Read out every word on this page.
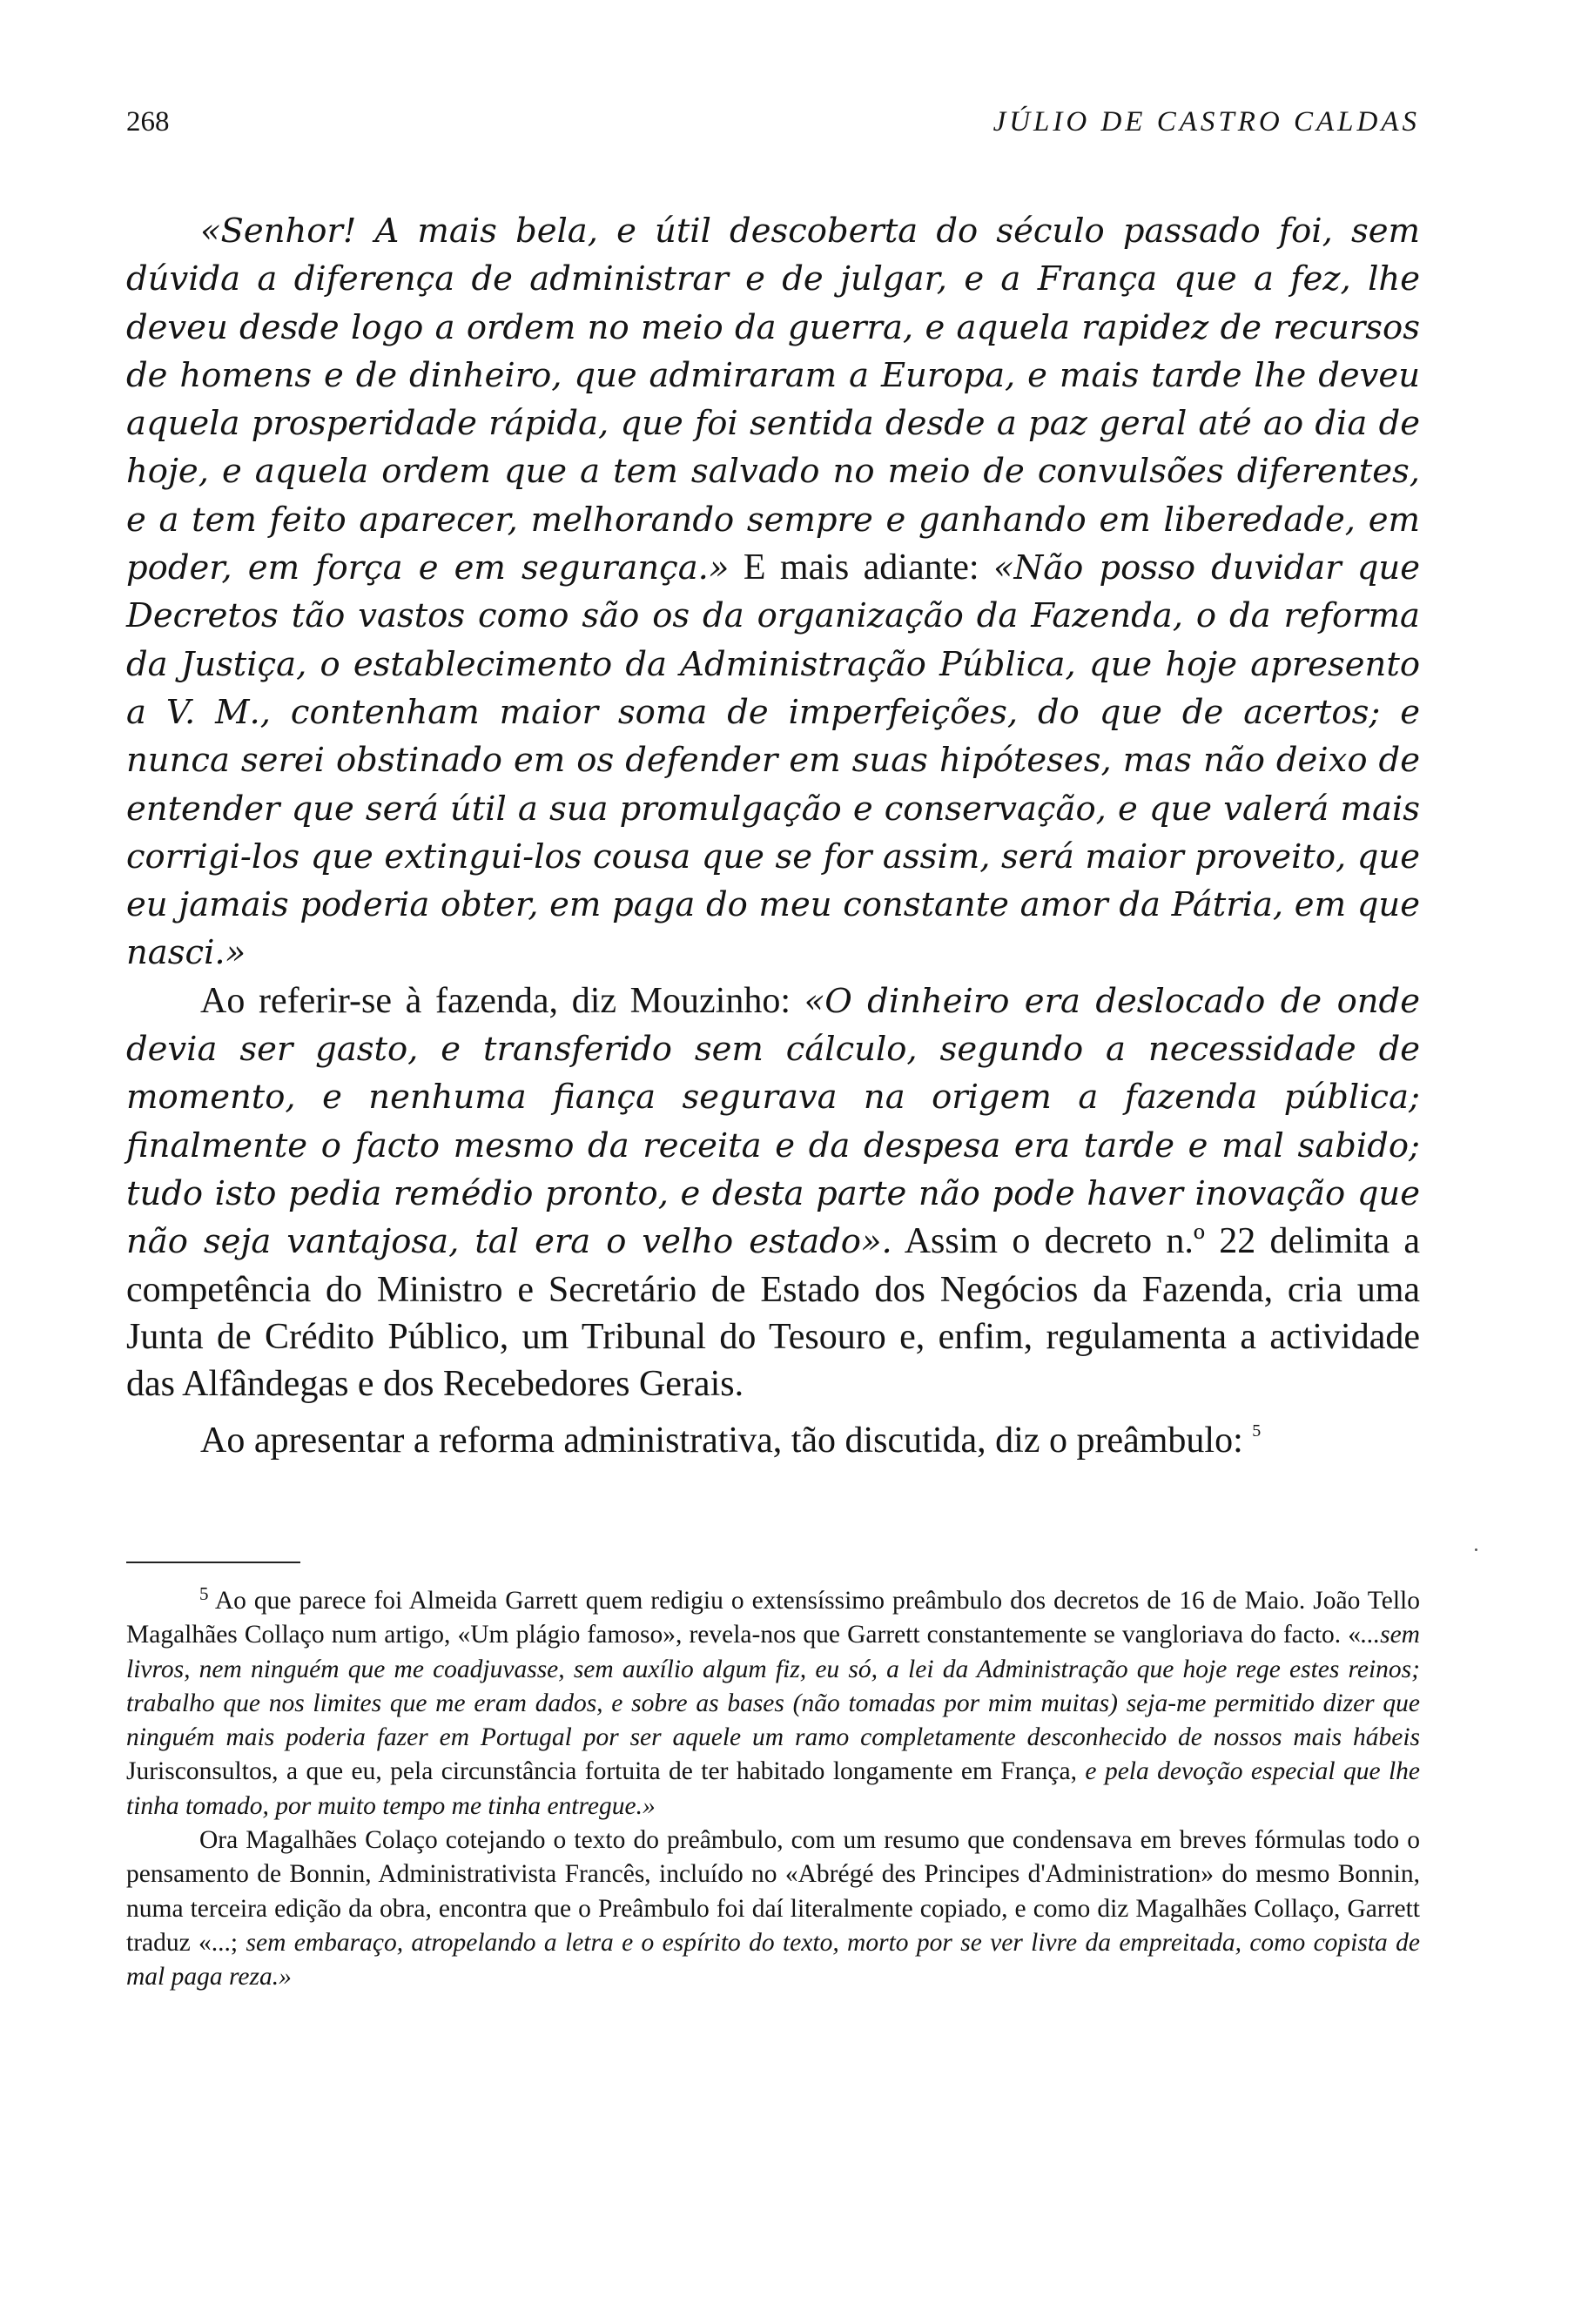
268	JÚLIO DE CASTRO CALDAS

«Senhor! A mais bela, e útil descoberta do século passado foi, sem dúvida a diferença de administrar e de julgar, e a França que a fez, lhe deveu desde logo a ordem no meio da guerra, e aquela rapidez de recursos de homens e de dinheiro, que admiraram a Europa, e mais tarde lhe deveu aquela prosperidade rápida, que foi sentida desde a paz geral até ao dia de hoje, e aquela ordem que a tem salvado no meio de convulsões diferentes, e a tem feito aparecer, melhorando sempre e ganhando em liberedade, em poder, em força e em segurança.» E mais adiante: «Não posso duvidar que Decretos tão vastos como são os da organização da Fazenda, o da reforma da Justiça, o establecimento da Administração Pública, que hoje apresento a V. M., contenham maior soma de imperfeições, do que de acertos; e nunca serei obstinado em os defender em suas hipóteses, mas não deixo de entender que será útil a sua promulgação e conservação, e que valerá mais corrigi-los que extingui-los cousa que se for assim, será maior proveito, que eu jamais poderia obter, em paga do meu constante amor da Pátria, em que nasci.»

Ao referir-se à fazenda, diz Mouzinho: «O dinheiro era deslocado de onde devia ser gasto, e transferido sem cálculo, segundo a necessidade de momento, e nenhuma fiança segurava na origem a fazenda pública; finalmente o facto mesmo da receita e da despesa era tarde e mal sabido; tudo isto pedia remédio pronto, e desta parte não pode haver inovação que não seja vantajosa, tal era o velho estado». Assim o decreto n.º 22 delimita a competência do Ministro e Secretário de Estado dos Negócios da Fazenda, cria uma Junta de Crédito Público, um Tribunal do Tesouro e, enfim, regulamenta a actividade das Alfândegas e dos Recebedores Gerais.

Ao apresentar a reforma administrativa, tão discutida, diz o preâmbulo: $^5$

$^5$ Ao que parece foi Almeida Garrett quem redigiu o extensíssimo preâmbulo dos decretos de 16 de Maio. João Tello Magalhães Collaço num artigo, «Um plágio famoso», revela-nos que Garrett constantemente se vangloriava do facto. «...sem livros, nem ninguém que me coadjuvasse, sem auxílio algum fiz, eu só, a lei da Administração que hoje rege estes reinos; trabalho que nos limites que me eram dados, e sobre as bases (não tomadas por mim muitas) seja-me permitido dizer que ninguém mais poderia fazer em Portugal por ser aquele um ramo completamente desconhecido de nossos mais hábeis Jurisconsultos, a que eu, pela circunstância fortuita de ter habitado longamente em França, e pela devoção especial que lhe tinha tomado, por muito tempo me tinha entregue.»

Ora Magalhães Colaço cotejando o texto do preâmbulo, com um resumo que condensava em breves fórmulas todo o pensamento de Bonnin, Administrativista Francês, incluído no «Abrégé des Principes d'Administration» do mesmo Bonnin, numa terceira edição da obra, encontra que o Preâmbulo foi daí literalmente copiado, e como diz Magalhães Collaço, Garrett traduz «...; sem embaraço, atropelando a letra e o espírito do texto, morto por se ver livre da empreitada, como copista de mal paga reza.»
